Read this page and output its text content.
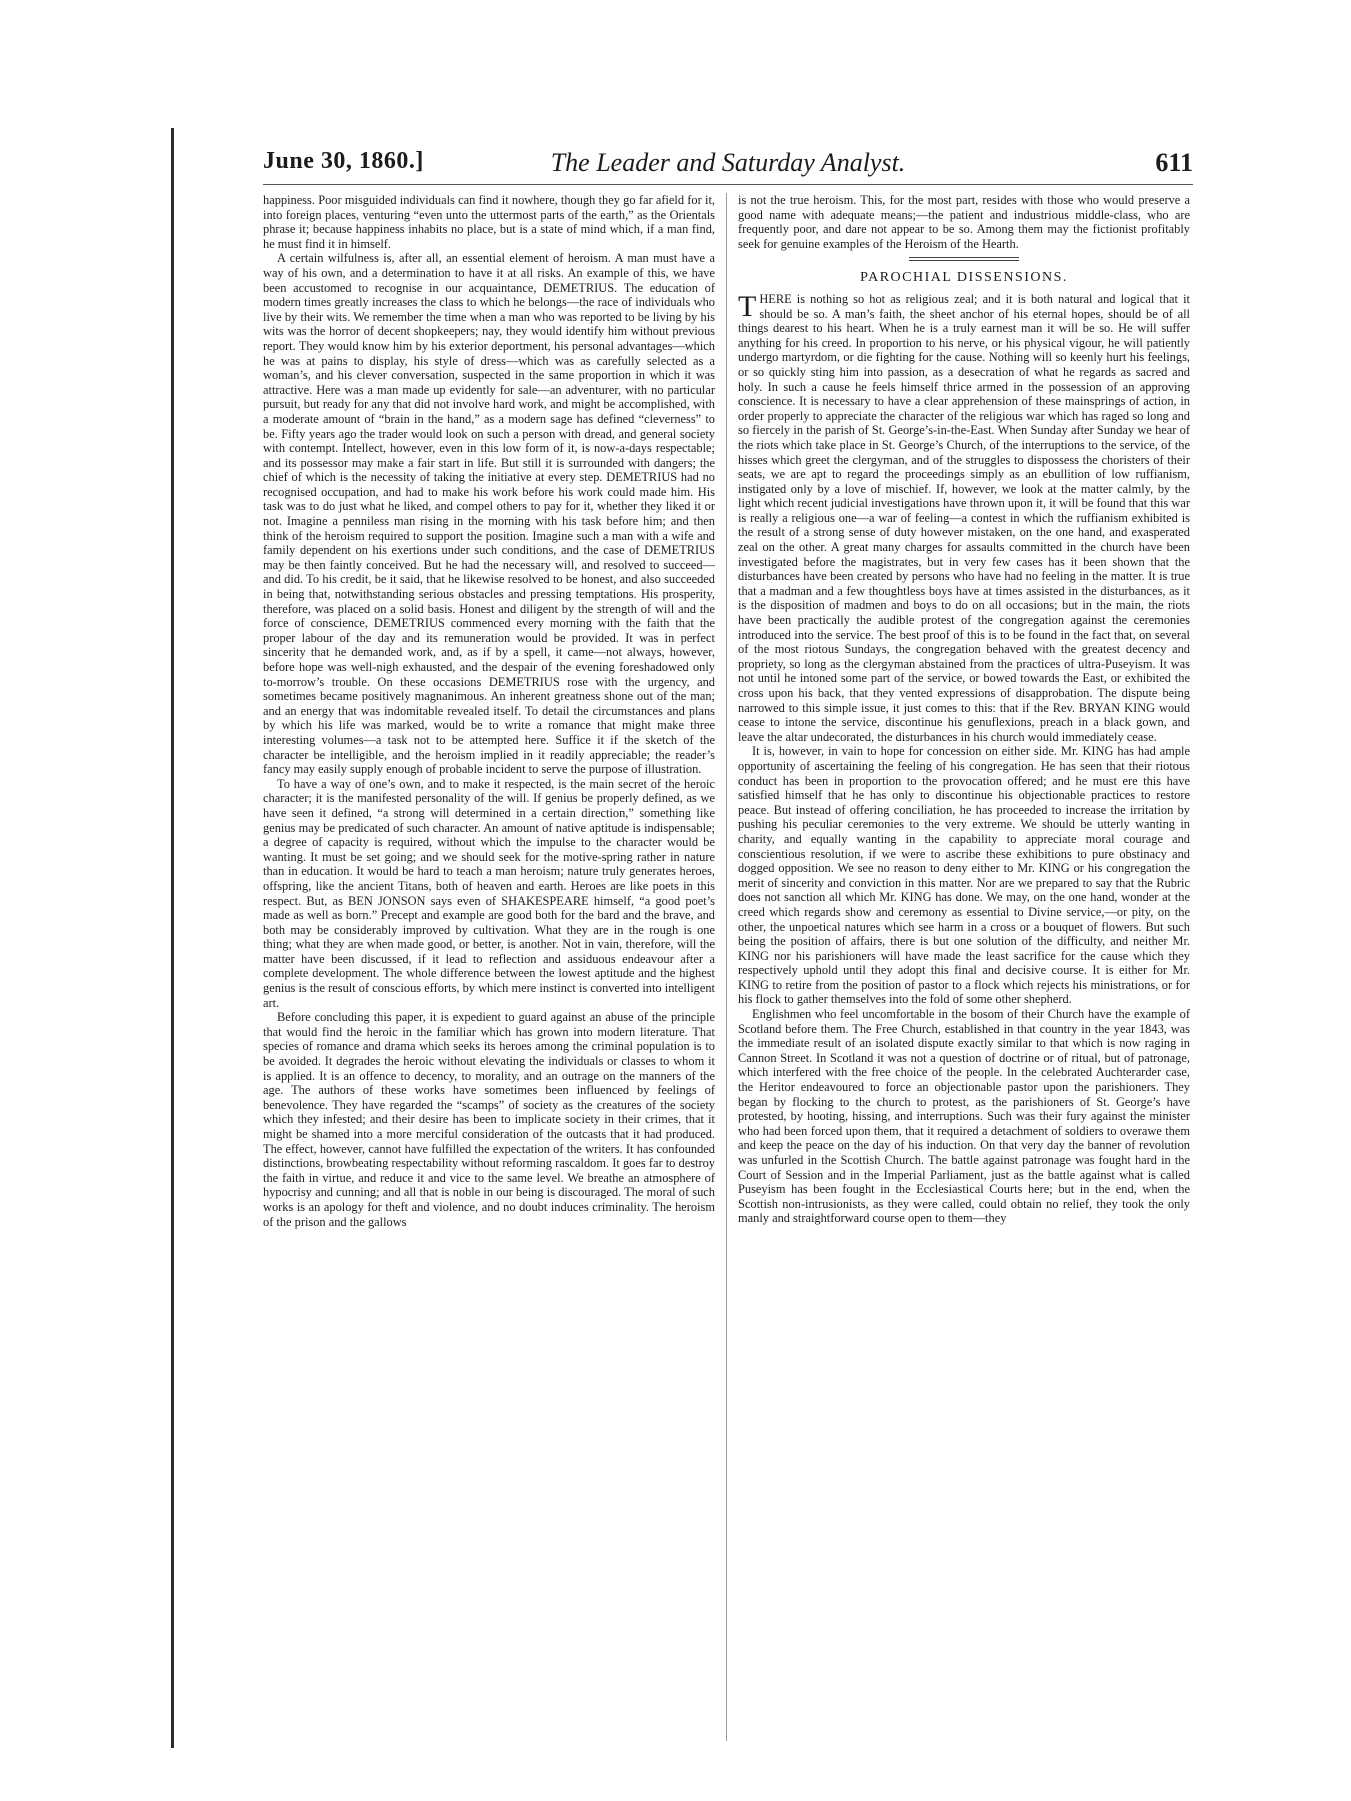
June 30, 1860.]	The Leader and Saturday Analyst.	611

happiness. Poor misguided individuals can find it nowhere, though they go far afield for it, into foreign places, venturing “even unto the uttermost parts of the earth,” as the Orientals phrase it; because happiness inhabits no place, but is a state of mind which, if a man find, he must find it in himself.

A certain wilfulness is, after all, an essential element of heroism. A man must have a way of his own, and a determination to have it at all risks. An example of this, we have been accustomed to recognise in our acquaintance, DEMETRIUS. The education of modern times greatly increases the class to which he belongs—the race of individuals who live by their wits. We remember the time when a man who was reported to be living by his wits was the horror of decent shopkeepers; nay, they would identify him without previous report. They would know him by his exterior deportment, his personal advantages—which he was at pains to display, his style of dress—which was as carefully selected as a woman’s, and his clever conversation, suspected in the same proportion in which it was attractive. Here was a man made up evidently for sale—an adventurer, with no particular pursuit, but ready for any that did not involve hard work, and might be accomplished, with a moderate amount of “brain in the hand,” as a modern sage has defined “cleverness” to be. Fifty years ago the trader would look on such a person with dread, and general society with contempt. Intellect, however, even in this low form of it, is now-a-days respectable; and its possessor may make a fair start in life. But still it is surrounded with dangers; the chief of which is the necessity of taking the initiative at every step. DEMETRIUS had no recognised occupation, and had to make his work before his work could made him. His task was to do just what he liked, and compel others to pay for it, whether they liked it or not. Imagine a penniless man rising in the morning with his task before him; and then think of the heroism required to support the position. Imagine such a man with a wife and family dependent on his exertions under such conditions, and the case of DEMETRIUS may be then faintly conceived. But he had the necessary will, and resolved to succeed—and did. To his credit, be it said, that he likewise resolved to be honest, and also succeeded in being that, notwithstanding serious obstacles and pressing temptations. His prosperity, therefore, was placed on a solid basis. Honest and diligent by the strength of will and the force of conscience, DEMETRIUS commenced every morning with the faith that the proper labour of the day and its remuneration would be provided. It was in perfect sincerity that he demanded work, and, as if by a spell, it came—not always, however, before hope was well-nigh exhausted, and the despair of the evening foreshadowed only to-morrow’s trouble. On these occasions DEMETRIUS rose with the urgency, and sometimes became positively magnanimous. An inherent greatness shone out of the man; and an energy that was indomitable revealed itself. To detail the circumstances and plans by which his life was marked, would be to write a romance that might make three interesting volumes—a task not to be attempted here. Suffice it if the sketch of the character be intelligible, and the heroism implied in it readily appreciable; the reader’s fancy may easily supply enough of probable incident to serve the purpose of illustration.

To have a way of one’s own, and to make it respected, is the main secret of the heroic character; it is the manifested personality of the will. If genius be properly defined, as we have seen it defined, “a strong will determined in a certain direction,” something like genius may be predicated of such character. An amount of native aptitude is indispensable; a degree of capacity is required, without which the impulse to the character would be wanting. It must be set going; and we should seek for the motive-spring rather in nature than in education. It would be hard to teach a man heroism; nature truly generates heroes, offspring, like the ancient Titans, both of heaven and earth. Heroes are like poets in this respect. But, as BEN JONSON says even of SHAKESPEARE himself, “a good poet’s made as well as born.” Precept and example are good both for the bard and the brave, and both may be considerably improved by cultivation. What they are in the rough is one thing; what they are when made good, or better, is another. Not in vain, therefore, will the matter have been discussed, if it lead to reflection and assiduous endeavour after a complete development. The whole difference between the lowest aptitude and the highest genius is the result of conscious efforts, by which mere instinct is converted into intelligent art.

Before concluding this paper, it is expedient to guard against an abuse of the principle that would find the heroic in the familiar which has grown into modern literature. That species of romance and drama which seeks its heroes among the criminal population is to be avoided. It degrades the heroic without elevating the individuals or classes to whom it is applied. It is an offence to decency, to morality, and an outrage on the manners of the age. The authors of these works have sometimes been influenced by feelings of benevolence. They have regarded the “scamps” of society as the creatures of the society which they infested; and their desire has been to implicate society in their crimes, that it might be shamed into a more merciful consideration of the outcasts that it had produced. The effect, however, cannot have fulfilled the expectation of the writers. It has confounded distinctions, browbeating respectability without reforming rascaldom. It goes far to destroy the faith in virtue, and reduce it and vice to the same level. We breathe an atmosphere of hypocrisy and cunning; and all that is noble in our being is discouraged. The moral of such works is an apology for theft and violence, and no doubt induces criminality. The heroism of the prison and the gallows

is not the true heroism. This, for the most part, resides with those who would preserve a good name with adequate means;—the patient and industrious middle-class, who are frequently poor, and dare not appear to be so. Among them may the fictionist profitably seek for genuine examples of the Heroism of the Hearth.

PAROCHIAL DISSENSIONS.

THERE is nothing so hot as religious zeal; and it is both natural and logical that it should be so. A man’s faith, the sheet anchor of his eternal hopes, should be of all things dearest to his heart. When he is a truly earnest man it will be so. He will suffer anything for his creed. In proportion to his nerve, or his physical vigour, he will patiently undergo martyrdom, or die fighting for the cause. Nothing will so keenly hurt his feelings, or so quickly sting him into passion, as a desecration of what he regards as sacred and holy. In such a cause he feels himself thrice armed in the possession of an approving conscience. It is necessary to have a clear apprehension of these mainsprings of action, in order properly to appreciate the character of the religious war which has raged so long and so fiercely in the parish of St. George’s-in-the-East. When Sunday after Sunday we hear of the riots which take place in St. George’s Church, of the interruptions to the service, of the hisses which greet the clergyman, and of the struggles to dispossess the choristers of their seats, we are apt to regard the proceedings simply as an ebullition of low ruffianism, instigated only by a love of mischief. If, however, we look at the matter calmly, by the light which recent judicial investigations have thrown upon it, it will be found that this war is really a religious one—a war of feeling—a contest in which the ruffianism exhibited is the result of a strong sense of duty however mistaken, on the one hand, and exasperated zeal on the other. A great many charges for assaults committed in the church have been investigated before the magistrates, but in very few cases has it been shown that the disturbances have been created by persons who have had no feeling in the matter. It is true that a madman and a few thoughtless boys have at times assisted in the disturbances, as it is the disposition of madmen and boys to do on all occasions; but in the main, the riots have been practically the audible protest of the congregation against the ceremonies introduced into the service. The best proof of this is to be found in the fact that, on several of the most riotous Sundays, the congregation behaved with the greatest decency and propriety, so long as the clergyman abstained from the practices of ultra-Puseyism. It was not until he intoned some part of the service, or bowed towards the East, or exhibited the cross upon his back, that they vented expressions of disapprobation. The dispute being narrowed to this simple issue, it just comes to this: that if the Rev. BRYAN KING would cease to intone the service, discontinue his genuflexions, preach in a black gown, and leave the altar undecorated, the disturbances in his church would immediately cease.

It is, however, in vain to hope for concession on either side. Mr. KING has had ample opportunity of ascertaining the feeling of his congregation. He has seen that their riotous conduct has been in proportion to the provocation offered; and he must ere this have satisfied himself that he has only to discontinue his objectionable practices to restore peace. But instead of offering conciliation, he has proceeded to increase the irritation by pushing his peculiar ceremonies to the very extreme. We should be utterly wanting in charity, and equally wanting in the capability to appreciate moral courage and conscientious resolution, if we were to ascribe these exhibitions to pure obstinacy and dogged opposition. We see no reason to deny either to Mr. KING or his congregation the merit of sincerity and conviction in this matter. Nor are we prepared to say that the Rubric does not sanction all which Mr. KING has done. We may, on the one hand, wonder at the creed which regards show and ceremony as essential to Divine service,—or pity, on the other, the unpoetical natures which see harm in a cross or a bouquet of flowers. But such being the position of affairs, there is but one solution of the difficulty, and neither Mr. KING nor his parishioners will have made the least sacrifice for the cause which they respectively uphold until they adopt this final and decisive course. It is either for Mr. KING to retire from the position of pastor to a flock which rejects his ministrations, or for his flock to gather themselves into the fold of some other shepherd.

Englishmen who feel uncomfortable in the bosom of their Church have the example of Scotland before them. The Free Church, established in that country in the year 1843, was the immediate result of an isolated dispute exactly similar to that which is now raging in Cannon Street. In Scotland it was not a question of doctrine or of ritual, but of patronage, which interfered with the free choice of the people. In the celebrated Auchterarder case, the Heritor endeavoured to force an objectionable pastor upon the parishioners. They began by flocking to the church to protest, as the parishioners of St. George’s have protested, by hooting, hissing, and interruptions. Such was their fury against the minister who had been forced upon them, that it required a detachment of soldiers to overawe them and keep the peace on the day of his induction. On that very day the banner of revolution was unfurled in the Scottish Church. The battle against patronage was fought hard in the Court of Session and in the Imperial Parliament, just as the battle against what is called Puseyism has been fought in the Ecclesiastical Courts here; but in the end, when the Scottish non-intrusionists, as they were called, could obtain no relief, they took the only manly and straightforward course open to them—they
